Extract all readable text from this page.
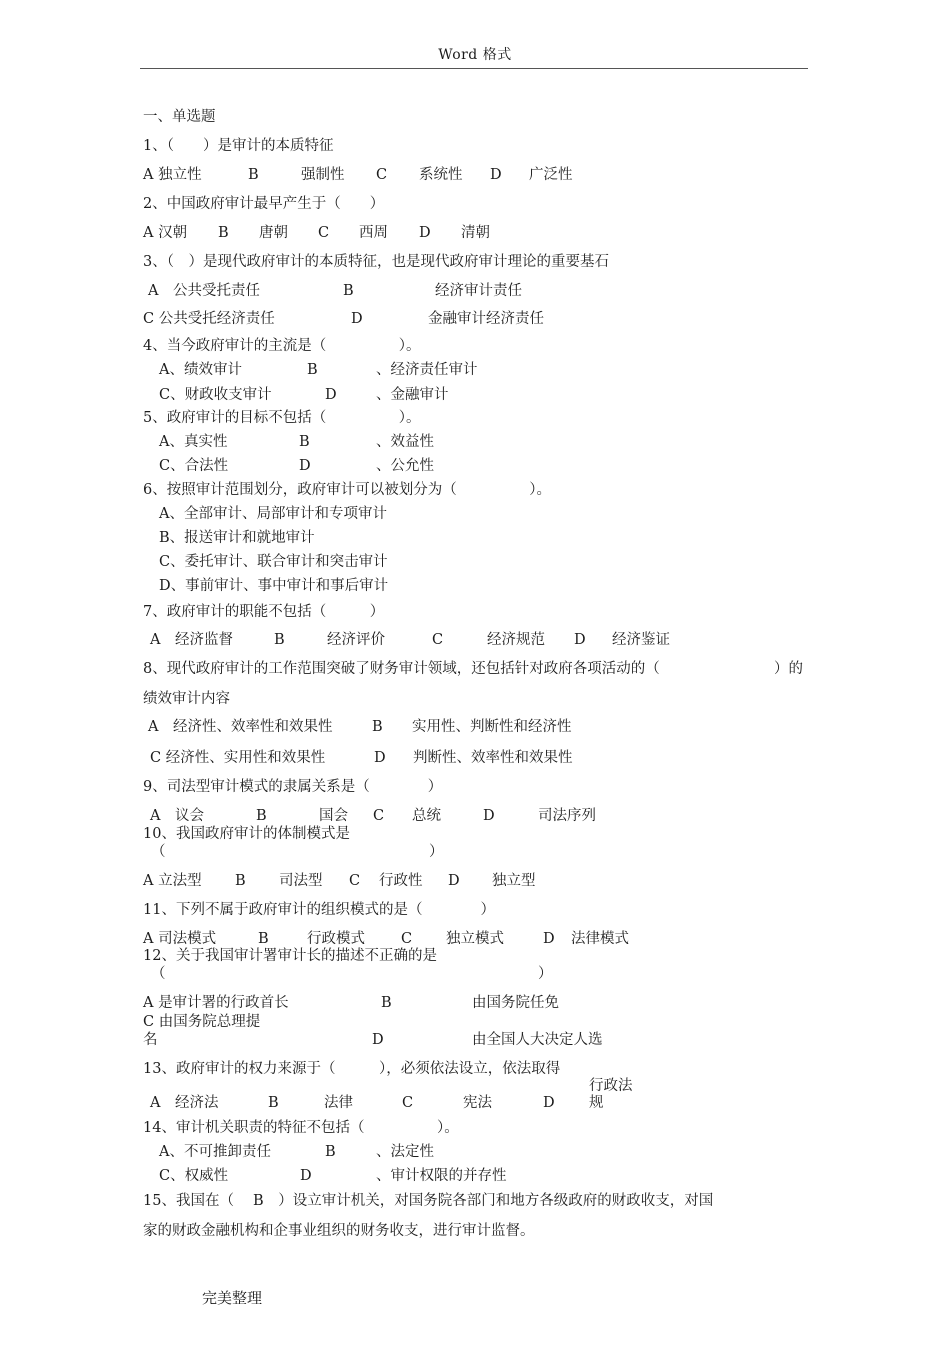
Word 格式
一、单选题
1、（　　）是审计的本质特征
A 独立性	B	强制性 C 系统性 D 广泛性
2、中国政府审计最早产生于（　　）
A 汉朝 B 唐朝 C 西周 D 清朝
3、（　）是现代政府审计的本质特征，也是现代政府审计理论的重要基石
A　公共受托责任	B	经济审计责任
C 公共受托经济责任	D	金融审计经济责任
4、当今政府审计的主流是（　　　　　）。
A、绩效审计	B	、经济责任审计
C、财政收支审计	D	、金融审计
5、政府审计的目标不包括（　　　　　）。
A、真实性	B	、效益性
C、合法性	D	、公允性
6、按照审计范围划分，政府审计可以被划分为（　　　　　）。
A、全部审计、局部审计和专项审计
B、报送审计和就地审计
C、委托审计、联合审计和突击审计
D、事前审计、事中审计和事后审计
7、政府审计的职能不包括（　　　）
A　经济监督	B	经济评价	C	经济规范 D 经济鉴证
8、现代政府审计的工作范围突破了财务审计领域，还包括针对政府各项活动的（	）的
绩效审计内容
A　经济性、效率性和效果性	B 实用性、判断性和经济性
C 经济性、实用性和效果性	D 判断性、效率性和效果性
9、司法型审计模式的隶属关系是（　　　　）
A　议会	B	国会 C 总统	D	司法序列
10、我国政府审计的体制模式是
（	）
A 立法型 B 司法型 C 行政性 D 独立型
11、下列不属于政府审计的组织模式的是（　　　　）
A 司法模式	B	行政模式 C 独立模式	D 法律模式
12、关于我国审计署审计长的描述不正确的是
（	）
A 是审计署的行政首长	B	由国务院任免
C 由国务院总理提
名	D	由全国人大决定人选
13、政府审计的权力来源于（　　　），必须依法设立，依法取得
行政法
A　经济法	B	法律	C	宪法	D 规
14、审计机关职责的特征不包括（　　　　　）。
A、不可推卸责任	B	、法定性
C、权威性	D	、审计权限的并存性
15、我国在（　 B　）设立审计机关，对国务院各部门和地方各级政府的财政收支，对国
家的财政金融机构和企事业组织的财务收支，进行审计监督。
完美整理
